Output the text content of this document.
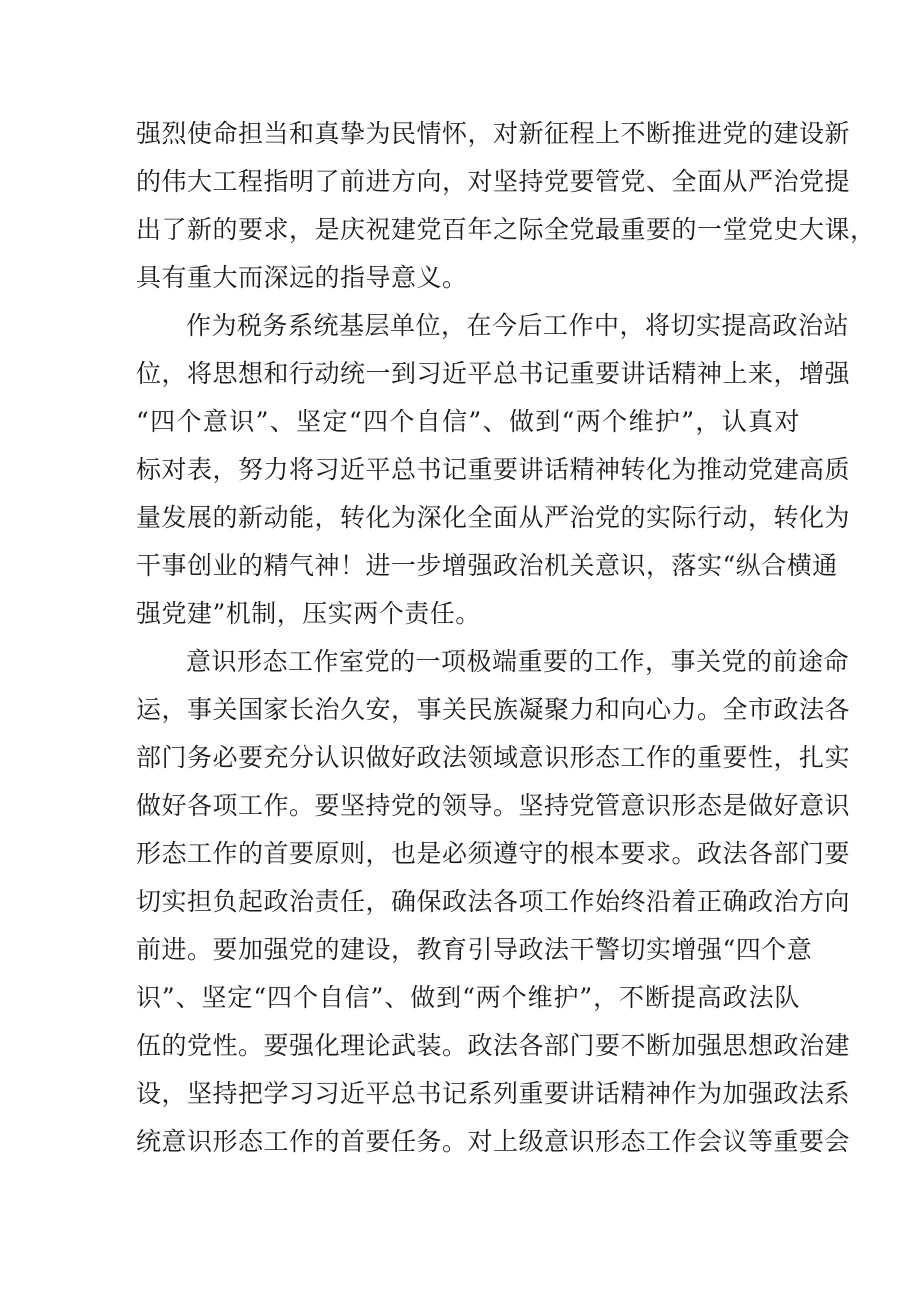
强烈使命担当和真挚为民情怀，对新征程上不断推进党的建设新
的伟大工程指明了前进方向，对坚持党要管党、全面从严治党提
出了新的要求，是庆祝建党百年之际全党最重要的一堂党史大课，
具有重大而深远的指导意义。
作为税务系统基层单位，在今后工作中，将切实提高政治站
位，将思想和行动统一到习近平总书记重要讲话精神上来，增强
“四个意识”、坚定“四个自信”、做到“两个维护”，认真对
标对表，努力将习近平总书记重要讲话精神转化为推动党建高质
量发展的新动能，转化为深化全面从严治党的实际行动，转化为
干事创业的精气神！进一步增强政治机关意识，落实“纵合横通
强党建”机制，压实两个责任。
意识形态工作室党的一项极端重要的工作，事关党的前途命
运，事关国家长治久安，事关民族凝聚力和向心力。全市政法各
部门务必要充分认识做好政法领域意识形态工作的重要性，扎实
做好各项工作。要坚持党的领导。坚持党管意识形态是做好意识
形态工作的首要原则，也是必须遵守的根本要求。政法各部门要
切实担负起政治责任，确保政法各项工作始终沿着正确政治方向
前进。要加强党的建设，教育引导政法干警切实增强“四个意
识”、坚定“四个自信”、做到“两个维护”，不断提高政法队
伍的党性。要强化理论武装。政法各部门要不断加强思想政治建
设，坚持把学习习近平总书记系列重要讲话精神作为加强政法系
统意识形态工作的首要任务。对上级意识形态工作会议等重要会
